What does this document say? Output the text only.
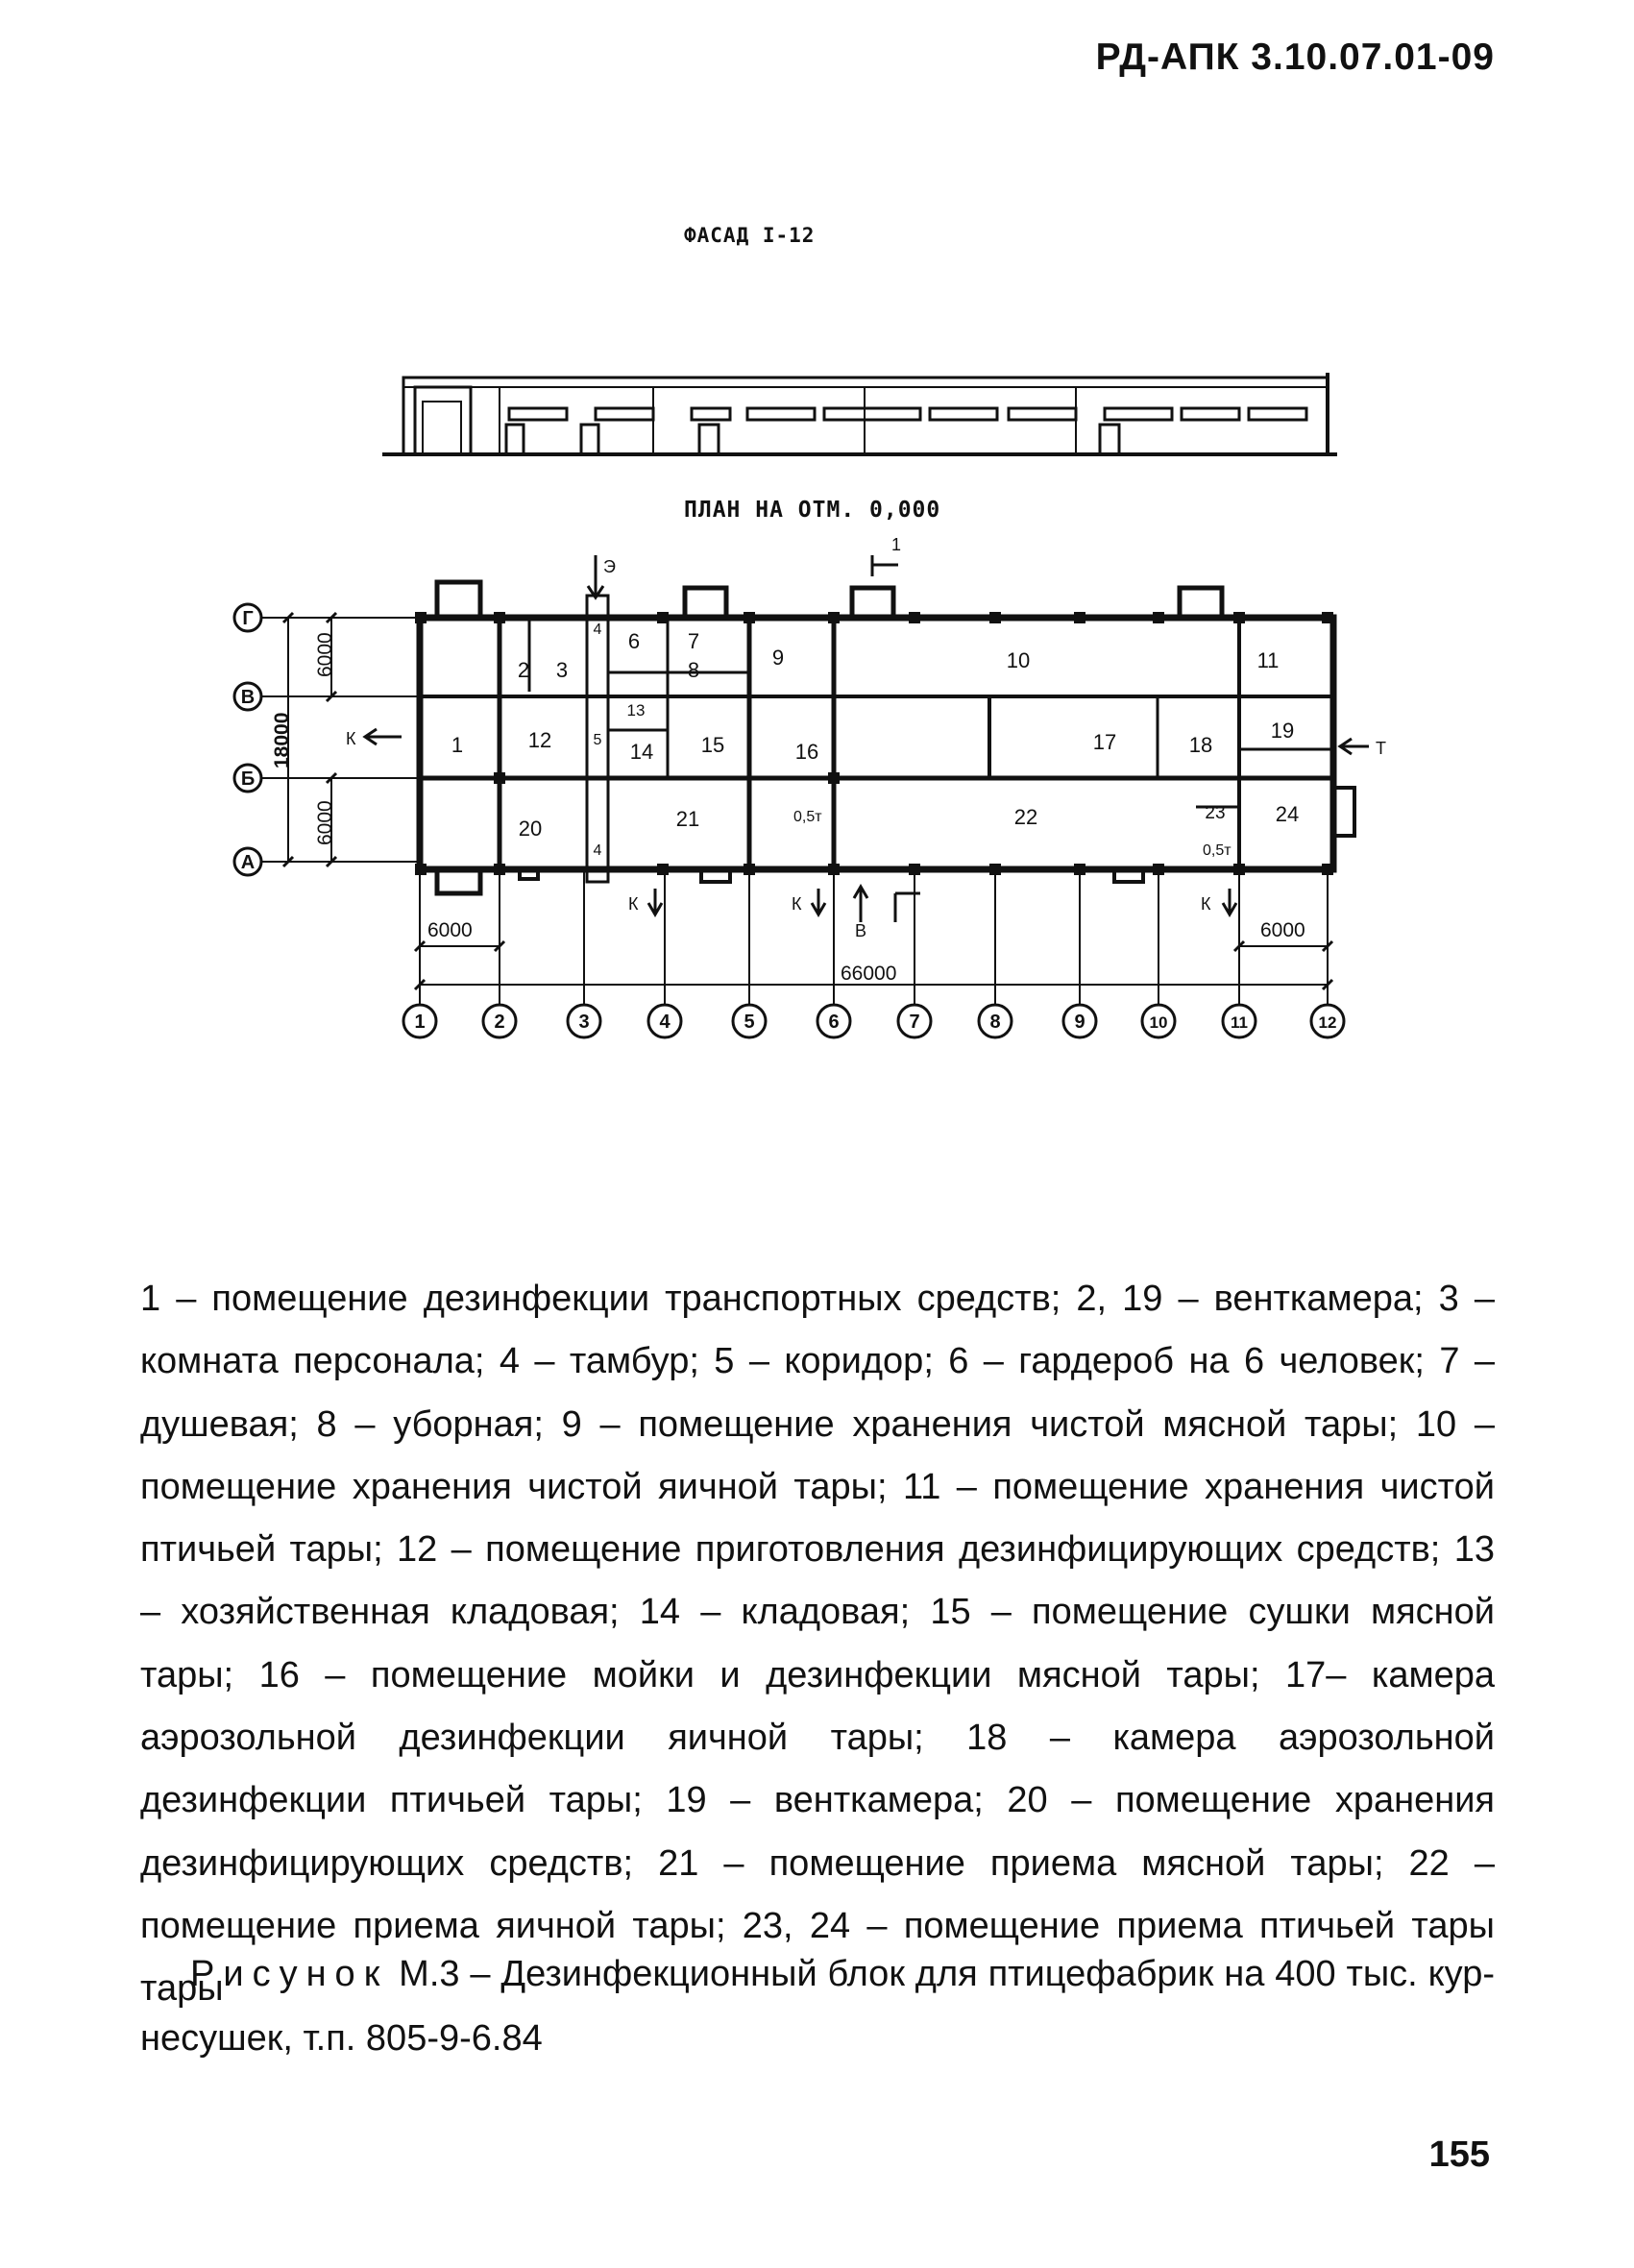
РД-АПК 3.10.07.01-09
ФАСАД I-12
ПЛАН НА ОТМ. 0,000
Г
В
Б
А
1	2	3	4	5	6	7	8	9	10	11	12
6000	6000
66000
6000
18000
6000
1
Э
К	Т
К	К	К
В
1
2 3
4
4
5
6 7
8
9	10	11
12
13
14 15	16	17	18
19
20	21	22	23 24
0,5т
0,5т
1 – помещение дезинфекции транспортных средств; 2, 19 – венткамера; 3 – комната персонала; 4 – тамбур; 5 – коридор; 6 – гардероб на 6 человек; 7 – душевая; 8 – уборная; 9 – помещение хранения чистой мясной тары; 10 – помещение хранения чистой яичной тары; 11 – помещение хранения чистой птичьей тары; 12 – помещение приготовления дезинфицирующих средств; 13 – хозяйственная кладовая; 14 – кладовая; 15 – помещение сушки мясной тары; 16 – помещение мойки и дезинфекции мясной тары; 17– камера аэрозольной дезинфекции яичной тары; 18 – камера аэрозольной дезинфекции птичьей тары; 19 – венткамера; 20 – помещение хранения дезинфицирующих средств; 21 – помещение приема мясной тары; 22 – помещение приема яичной тары; 23, 24 – помещение приема птичьей тары тары
Рисунок М.3 – Дезинфекционный блок для птицефабрик на 400 тыс. кур-несушек, т.п. 805-9-6.84
155
